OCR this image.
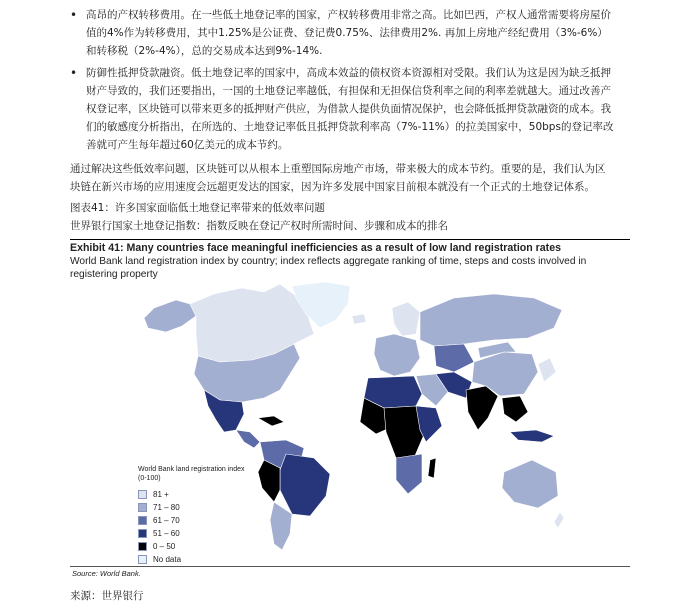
• 高昂的产权转移费用。在一些低土地登记率的国家，产权转移费用非常之高。比如巴西，产权人通常需要将房屋价值的4%作为转移费用，其中1.25%是公证费、登记费0.75%、法律费用2%. 再加上房地产经纪费用（3%-6%）和转移税（2%-4%），总的交易成本达到9%-14%.

• 防御性抵押贷款融资。低土地登记率的国家中，高成本效益的债权资本资源相对受限。我们认为这是因为缺乏抵押财产导致的，我们还要指出，一国的土地登记率越低，有担保和无担保信贷利率之间的利率差就越大。通过改善产权登记率，区块链可以带来更多的抵押财产供应，为借款人提供负面情况保护，也会降低抵押贷款融资的成本。我们的敏感度分析指出，在所选的、土地登记率低且抵押贷款利率高（7%-11%）的拉美国家中，50bps的登记率改善就可产生每年超过60亿美元的成本节约。

通过解决这些低效率问题，区块链可以从根本上重塑国际房地产市场，带来极大的成本节约。重要的是，我们认为区块链在新兴市场的应用速度会远超更发达的国家，因为许多发展中国家目前根本就没有一个正式的土地登记体系。

图表41：许多国家面临低土地登记率带来的低效率问题

世界银行国家土地登记指数：指数反映在登记产权时所需时间、步骤和成本的排名

Exhibit 41: Many countries face meaningful inefficiencies as a result of low land registration rates

World Bank land registration index by country; index reflects aggregate ranking of time, steps and costs involved in registering property

World Bank land registration index (0-100)

81 +
71 – 80
61 – 70
51 – 60
0 – 50
No data

Source: World Bank.

来源：世界银行
